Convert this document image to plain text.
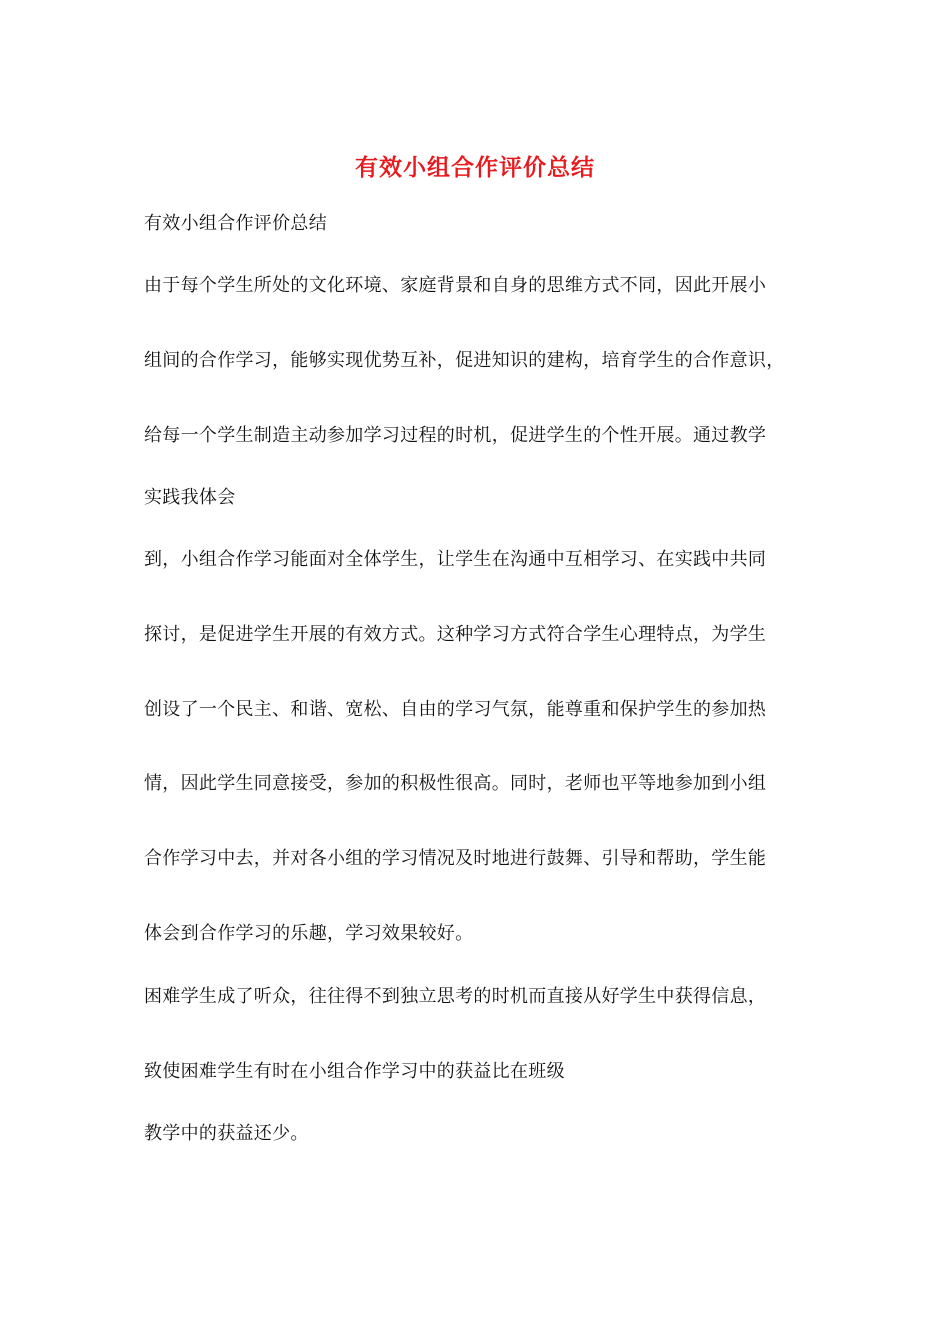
有效小组合作评价总结
有效小组合作评价总结
由于每个学生所处的文化环境、家庭背景和自身的思维方式不同，因此开展小
组间的合作学习，能够实现优势互补，促进知识的建构，培育学生的合作意识，
给每一个学生制造主动参加学习过程的时机，促进学生的个性开展。通过教学
实践我体会
到，小组合作学习能面对全体学生，让学生在沟通中互相学习、在实践中共同
探讨，是促进学生开展的有效方式。这种学习方式符合学生心理特点，为学生
创设了一个民主、和谐、宽松、自由的学习气氛，能尊重和保护学生的参加热
情，因此学生同意接受，参加的积极性很高。同时，老师也平等地参加到小组
合作学习中去，并对各小组的学习情况及时地进行鼓舞、引导和帮助，学生能
体会到合作学习的乐趣，学习效果较好。
困难学生成了听众，往往得不到独立思考的时机而直接从好学生中获得信息，
致使困难学生有时在小组合作学习中的获益比在班级
教学中的获益还少。
